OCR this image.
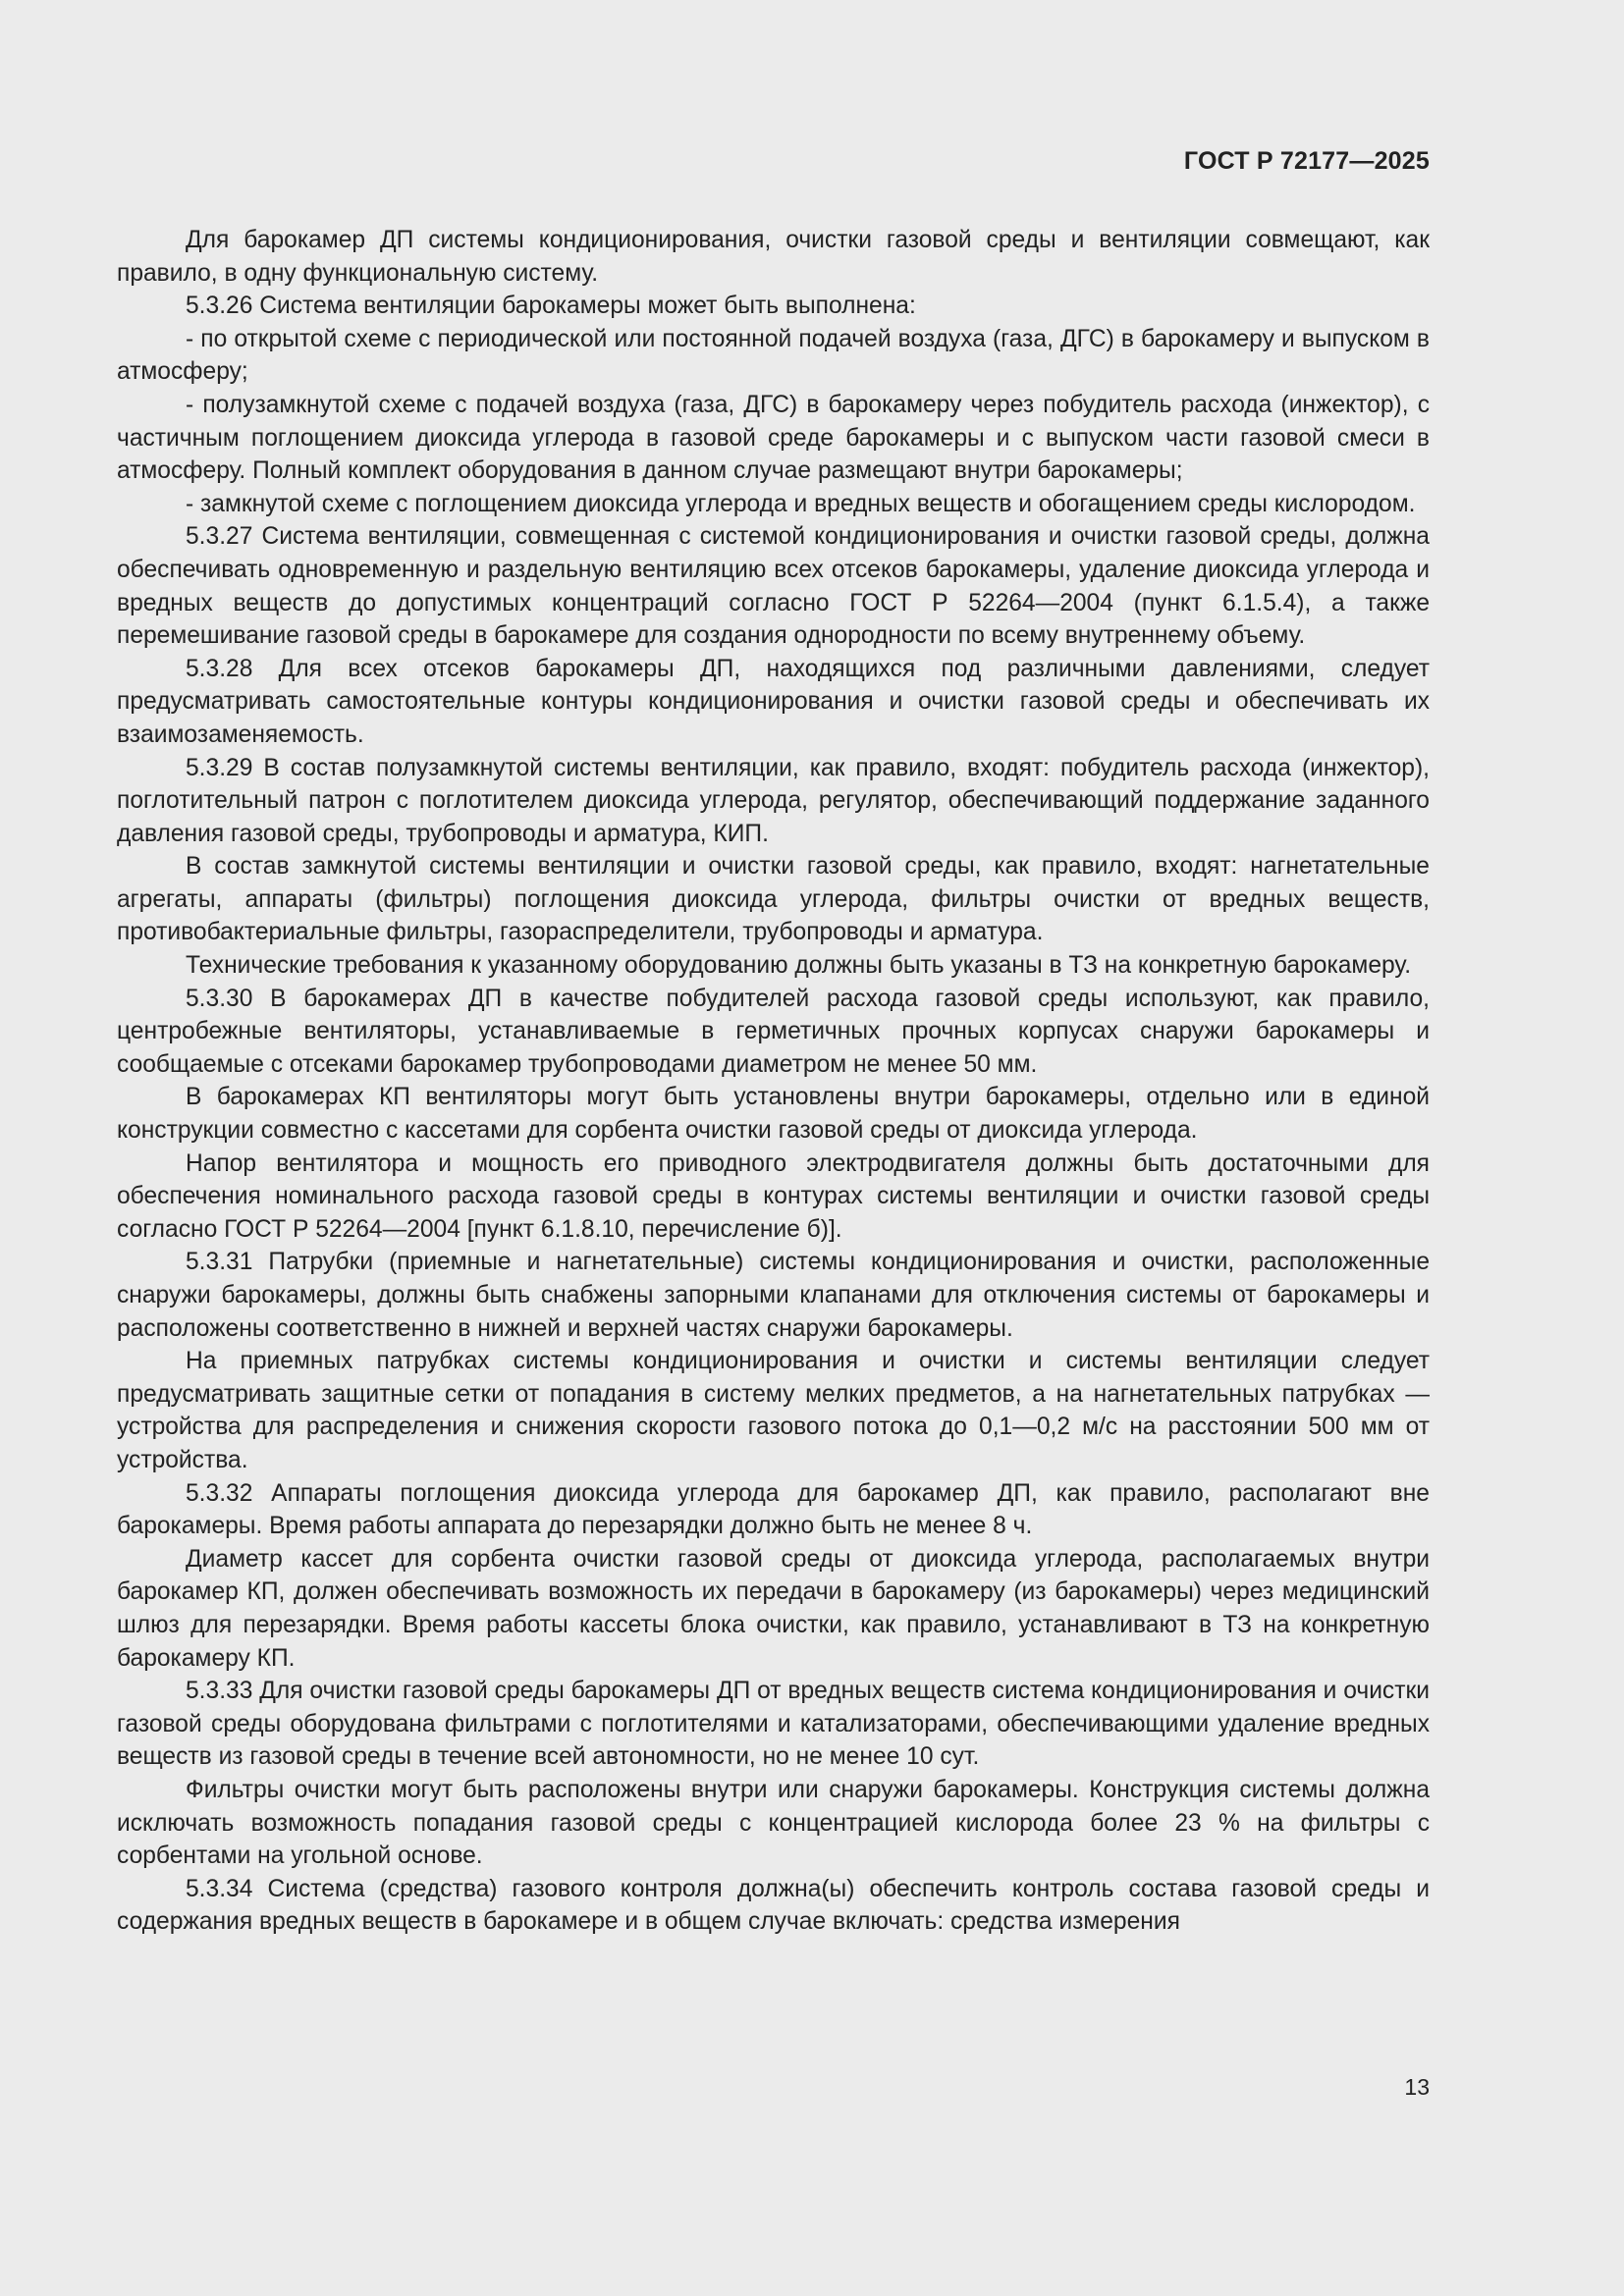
ГОСТ Р 72177—2025

Для барокамер ДП системы кондиционирования, очистки газовой среды и вентиляции совмещают, как правило, в одну функциональную систему.

5.3.26 Система вентиляции барокамеры может быть выполнена:

- по открытой схеме с периодической или постоянной подачей воздуха (газа, ДГС) в барокамеру и выпуском в атмосферу;

- полузамкнутой схеме с подачей воздуха (газа, ДГС) в барокамеру через побудитель расхода (инжектор), с частичным поглощением диоксида углерода в газовой среде барокамеры и с выпуском части газовой смеси в атмосферу. Полный комплект оборудования в данном случае размещают внутри барокамеры;

- замкнутой схеме с поглощением диоксида углерода и вредных веществ и обогащением среды кислородом.

5.3.27 Система вентиляции, совмещенная с системой кондиционирования и очистки газовой среды, должна обеспечивать одновременную и раздельную вентиляцию всех отсеков барокамеры, удаление диоксида углерода и вредных веществ до допустимых концентраций согласно ГОСТ Р 52264—2004 (пункт 6.1.5.4), а также перемешивание газовой среды в барокамере для создания однородности по всему внутреннему объему.

5.3.28 Для всех отсеков барокамеры ДП, находящихся под различными давлениями, следует предусматривать самостоятельные контуры кондиционирования и очистки газовой среды и обеспечивать их взаимозаменяемость.

5.3.29 В состав полузамкнутой системы вентиляции, как правило, входят: побудитель расхода (инжектор), поглотительный патрон с поглотителем диоксида углерода, регулятор, обеспечивающий поддержание заданного давления газовой среды, трубопроводы и арматура, КИП.

В состав замкнутой системы вентиляции и очистки газовой среды, как правило, входят: нагнетательные агрегаты, аппараты (фильтры) поглощения диоксида углерода, фильтры очистки от вредных веществ, противобактериальные фильтры, газораспределители, трубопроводы и арматура.

Технические требования к указанному оборудованию должны быть указаны в ТЗ на конкретную барокамеру.

5.3.30 В барокамерах ДП в качестве побудителей расхода газовой среды используют, как правило, центробежные вентиляторы, устанавливаемые в герметичных прочных корпусах снаружи барокамеры и сообщаемые с отсеками барокамер трубопроводами диаметром не менее 50 мм.

В барокамерах КП вентиляторы могут быть установлены внутри барокамеры, отдельно или в единой конструкции совместно с кассетами для сорбента очистки газовой среды от диоксида углерода.

Напор вентилятора и мощность его приводного электродвигателя должны быть достаточными для обеспечения номинального расхода газовой среды в контурах системы вентиляции и очистки газовой среды согласно ГОСТ Р 52264—2004 [пункт 6.1.8.10, перечисление б)].

5.3.31 Патрубки (приемные и нагнетательные) системы кондиционирования и очистки, расположенные снаружи барокамеры, должны быть снабжены запорными клапанами для отключения системы от барокамеры и расположены соответственно в нижней и верхней частях снаружи барокамеры.

На приемных патрубках системы кондиционирования и очистки и системы вентиляции следует предусматривать защитные сетки от попадания в систему мелких предметов, а на нагнетательных патрубках — устройства для распределения и снижения скорости газового потока до 0,1—0,2 м/с на расстоянии 500 мм от устройства.

5.3.32 Аппараты поглощения диоксида углерода для барокамер ДП, как правило, располагают вне барокамеры. Время работы аппарата до перезарядки должно быть не менее 8 ч.

Диаметр кассет для сорбента очистки газовой среды от диоксида углерода, располагаемых внутри барокамер КП, должен обеспечивать возможность их передачи в барокамеру (из барокамеры) через медицинский шлюз для перезарядки. Время работы кассеты блока очистки, как правило, устанавливают в ТЗ на конкретную барокамеру КП.

5.3.33 Для очистки газовой среды барокамеры ДП от вредных веществ система кондиционирования и очистки газовой среды оборудована фильтрами с поглотителями и катализаторами, обеспечивающими удаление вредных веществ из газовой среды в течение всей автономности, но не менее 10 сут.

Фильтры очистки могут быть расположены внутри или снаружи барокамеры. Конструкция системы должна исключать возможность попадания газовой среды с концентрацией кислорода более 23 % на фильтры с сорбентами на угольной основе.

5.3.34 Система (средства) газового контроля должна(ы) обеспечить контроль состава газовой среды и содержания вредных веществ в барокамере и в общем случае включать: средства измерения

13
